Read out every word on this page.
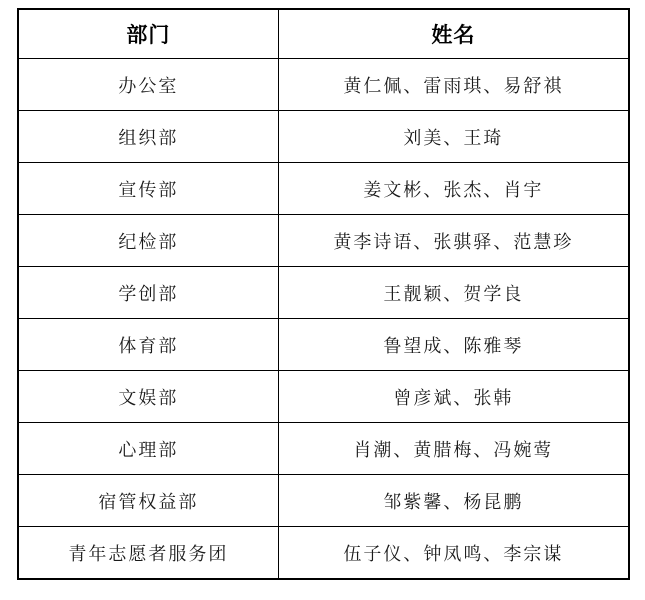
部门	姓名
办公室	黄仁佩、雷雨琪、易舒祺
组织部	刘美、王琦
宣传部	姜文彬、张杰、肖宇
纪检部	黄李诗语、张骐驿、范慧珍
学创部	王靓颖、贺学良
体育部	鲁望成、陈雅琴
文娱部	曾彦斌、张韩
心理部	肖潮、黄腊梅、冯婉莺
宿管权益部	邹紫馨、杨昆鹏
青年志愿者服务团	伍子仪、钟凤鸣、李宗谋
